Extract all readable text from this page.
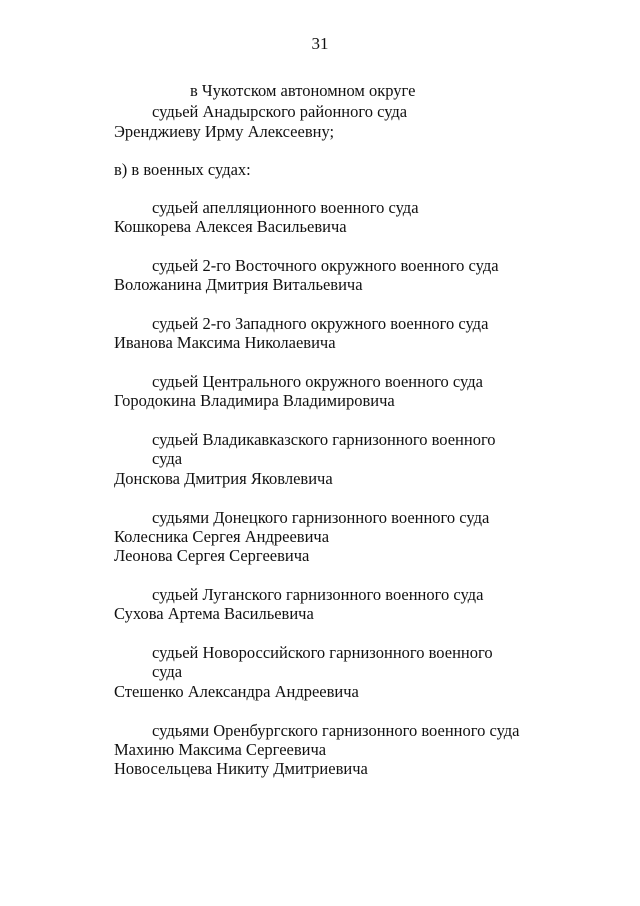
31
в Чукотском автономном округе
судьей Анадырского районного суда
Эренджиеву Ирму Алексеевну;
в) в военных судах:
судьей апелляционного военного суда
Кошкорева Алексея Васильевича
судьей 2-го Восточного окружного военного суда
Воложанина Дмитрия Витальевича
судьей 2-го Западного окружного военного суда
Иванова Максима Николаевича
судьей Центрального окружного военного суда
Городокина Владимира Владимировича
судьей Владикавказского гарнизонного военного
суда
Донскова Дмитрия Яковлевича
судьями Донецкого гарнизонного военного суда
Колесника Сергея Андреевича
Леонова Сергея Сергеевича
судьей Луганского гарнизонного военного суда
Сухова Артема Васильевича
судьей Новороссийского гарнизонного военного
суда
Стешенко Александра Андреевича
судьями Оренбургского гарнизонного военного суда
Махиню Максима Сергеевича
Новосельцева Никиту Дмитриевича
